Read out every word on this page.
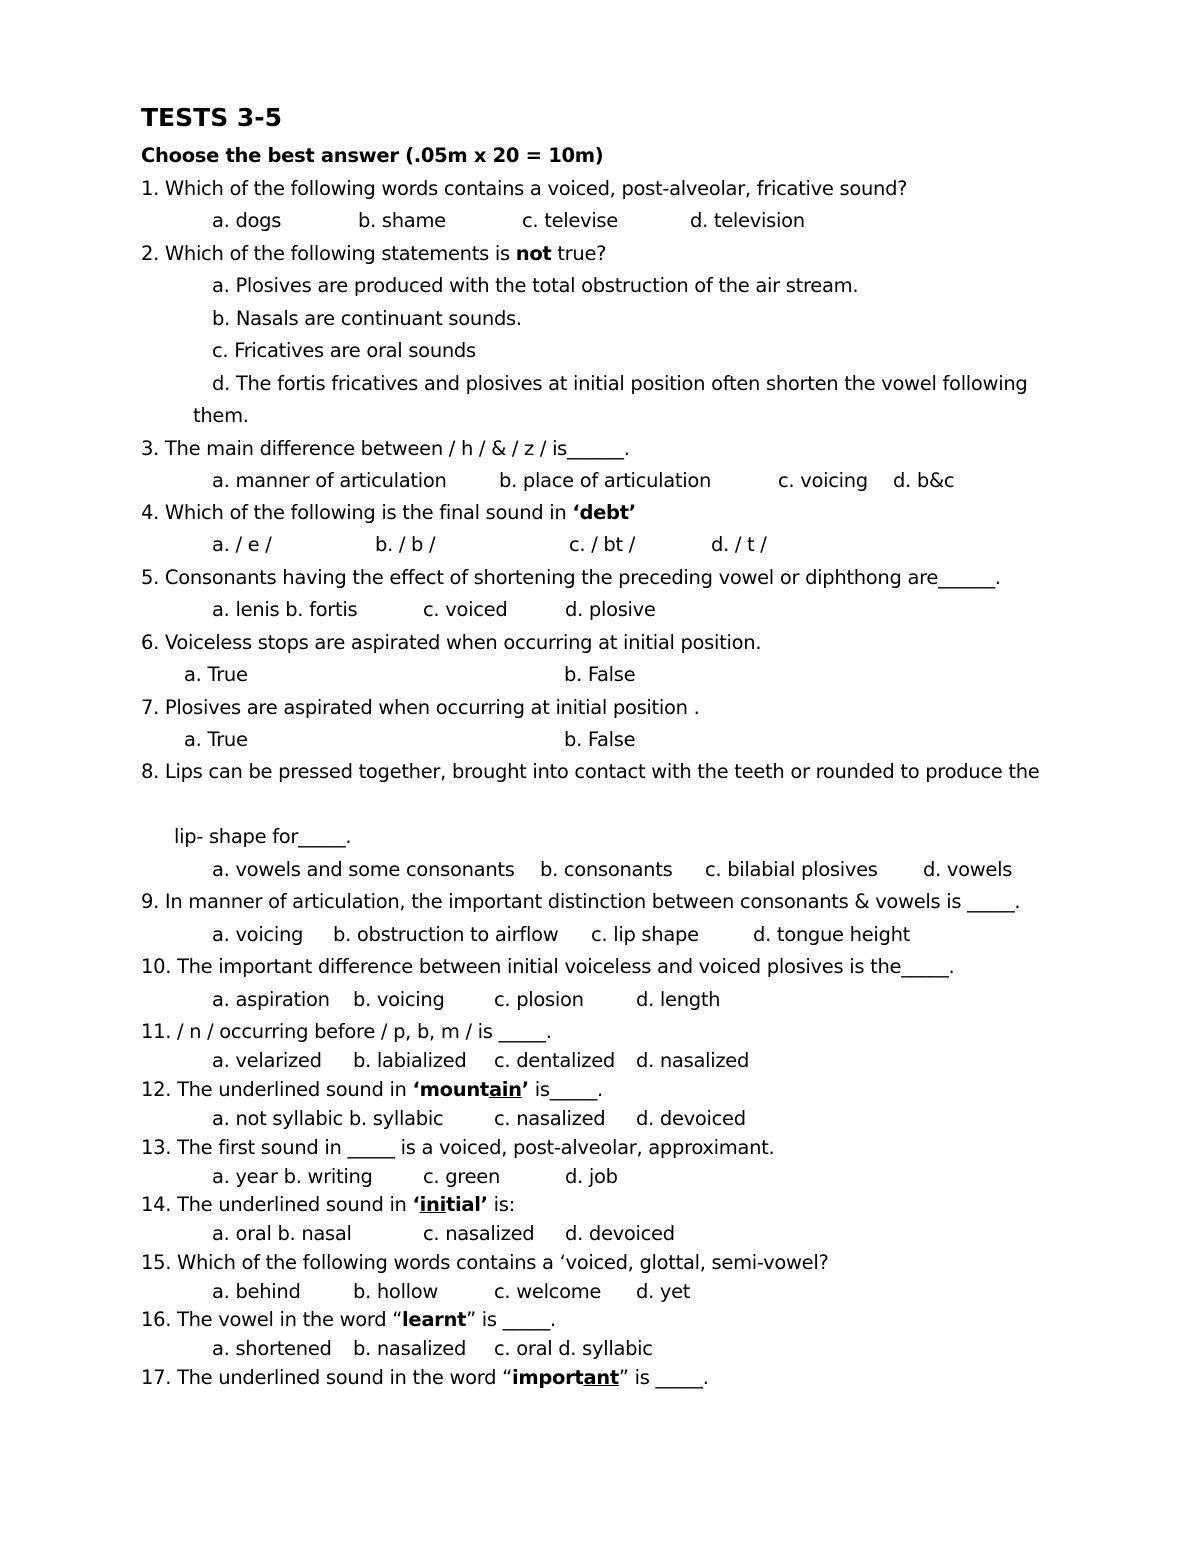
TESTS 3-5
Choose the best answer (.05m x 20 = 10m)
1. Which of the following words contains a voiced, post-alveolar, fricative sound?
a. dogs	b. shame	c. televise	d. television
2. Which of the following statements is not true?
a. Plosives are produced with the total obstruction of the air stream.
b. Nasals are continuant sounds.
c. Fricatives are oral sounds
d. The fortis fricatives and plosives at initial position often shorten the vowel following
them.
3. The main difference between / h / & / z / is______.
a. manner of articulation	b. place of articulation	c. voicing d. b&c
4. Which of the following is the final sound in ‘debt’
a. / e /	b. / b /	c. / bt /	d. / t /
5. Consonants having the effect of shortening the preceding vowel or diphthong are______.
a. lenis b. fortis	c. voiced	d. plosive
6. Voiceless stops are aspirated when occurring at initial position.
a. True	b. False
7. Plosives are aspirated when occurring at initial position .
a. True	b. False
8. Lips can be pressed together, brought into contact with the teeth or rounded to produce the
lip- shape for_____.
a. vowels and some consonants b. consonants c. bilabial plosives d. vowels
9. In manner of articulation, the important distinction between consonants & vowels is _____.
a. voicing b. obstruction to airflow c. lip shape	d. tongue height
10. The important difference between initial voiceless and voiced plosives is the_____.
a. aspiration b. voicing	c. plosion	d. length
11. / n / occurring before / p, b, m / is _____.
a. velarized b. labialized c. dentalized d. nasalized
12. The underlined sound in ‘mountain’ is_____.
a. not syllabic b. syllabic	c. nasalized d. devoiced
13. The first sound in _____ is a voiced, post-alveolar, approximant.
a. year b. writing	c. green	d. job
14. The underlined sound in ‘initial’ is:
a. oral b. nasal	c. nasalized d. devoiced
15. Which of the following words contains a ‘voiced, glottal, semi-vowel?
a. behind	b. hollow	c. welcome d. yet
16. The vowel in the word “learnt” is _____.
a. shortened b. nasalized c. oral d. syllabic
17. The underlined sound in the word “important” is _____.
